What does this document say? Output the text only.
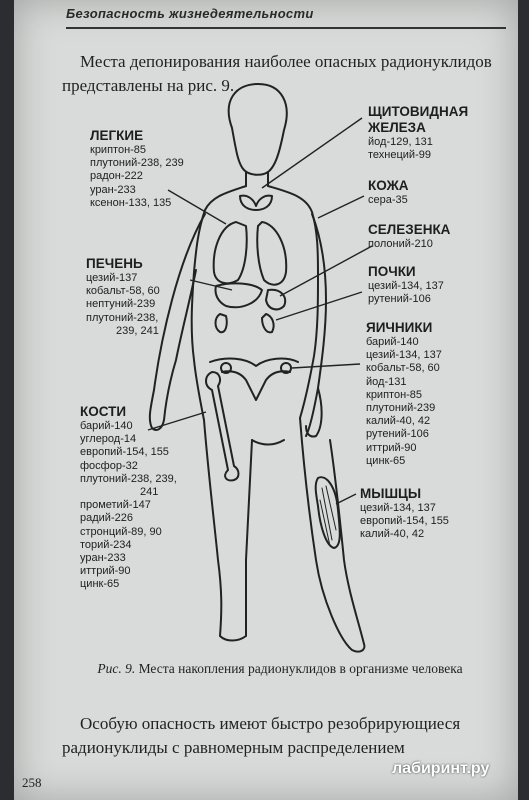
Безопасность жизнедеятельности

Места депонирования наиболее опасных радионуклидов представлены на рис. 9.

ЛЕГКИЕ
криптон-85
плутоний-238, 239
радон-222
уран-233
ксенон-133, 135
ПЕЧЕНЬ
цезий-137
кобальт-58, 60
нептуний-239
плутоний-238,
239, 241
КОСТИ
барий-140
углерод-14
европий-154, 155
фосфор-32
плутоний-238, 239,
241
прометий-147
радий-226
стронций-89, 90
торий-234
уран-233
иттрий-90
цинк-65
ЩИТОВИДНАЯ
ЖЕЛЕЗА
йод-129, 131
технеций-99
КОЖА
сера-35
СЕЛЕЗЕНКА
полоний-210
ПОЧКИ
цезий-134, 137
рутений-106
ЯИЧНИКИ
барий-140
цезий-134, 137
кобальт-58, 60
йод-131
криптон-85
плутоний-239
калий-40, 42
рутений-106
иттрий-90
цинк-65
МЫШЦЫ
цезий-134, 137
европий-154, 155
калий-40, 42
Рис. 9. Места накопления радионуклидов в организме человека

Особую опасность имеют быстро резобрирующиеся радионуклиды с равномерным распределением

258
лабиринт.ру
